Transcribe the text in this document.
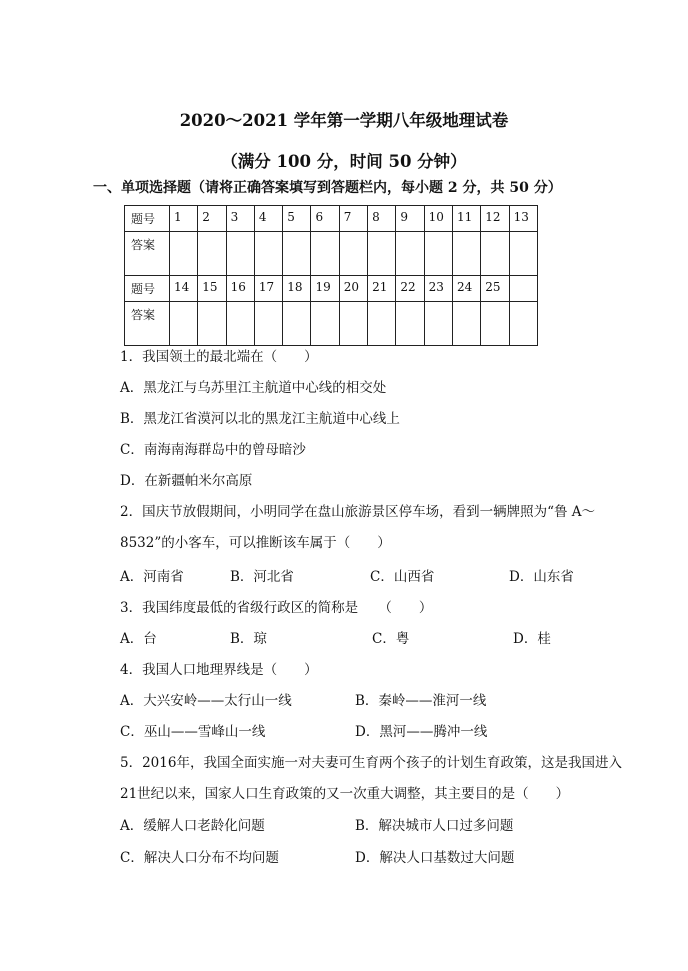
2020～2021 学年第一学期八年级地理试卷
（满分 100 分，时间 50 分钟）
一、单项选择题（请将正确答案填写到答题栏内，每小题 2 分，共 50 分）
题号	1	2	3	4	5	6	7	8	9	10	11	12	13
答案													
题号	14	15	16	17	18	19	20	21	22	23	24	25	
答案													
1．我国领土的最北端在（　　）
A．黑龙江与乌苏里江主航道中心线的相交处
B．黑龙江省漠河以北的黑龙江主航道中心线上
C．南海南海群岛中的曾母暗沙
D．在新疆帕米尔高原
2．国庆节放假期间，小明同学在盘山旅游景区停车场，看到一辆牌照为“鲁 A～
8532”的小客车，可以推断该车属于（　　）
A．河南省	B．河北省	C．山西省	D．山东省
3．我国纬度最低的省级行政区的简称是　　（　　）
A．台	B．琼	C．粤	D．桂
4．我国人口地理界线是（　　）
A．大兴安岭——太行山一线	B．秦岭——淮河一线
C．巫山——雪峰山一线	D．黑河——腾冲一线
5．2016年，我国全面实施一对夫妻可生育两个孩子的计划生育政策，这是我国进入
21世纪以来，国家人口生育政策的又一次重大调整，其主要目的是（　　）
A．缓解人口老龄化问题	B．解决城市人口过多问题
C．解决人口分布不均问题	D．解决人口基数过大问题
